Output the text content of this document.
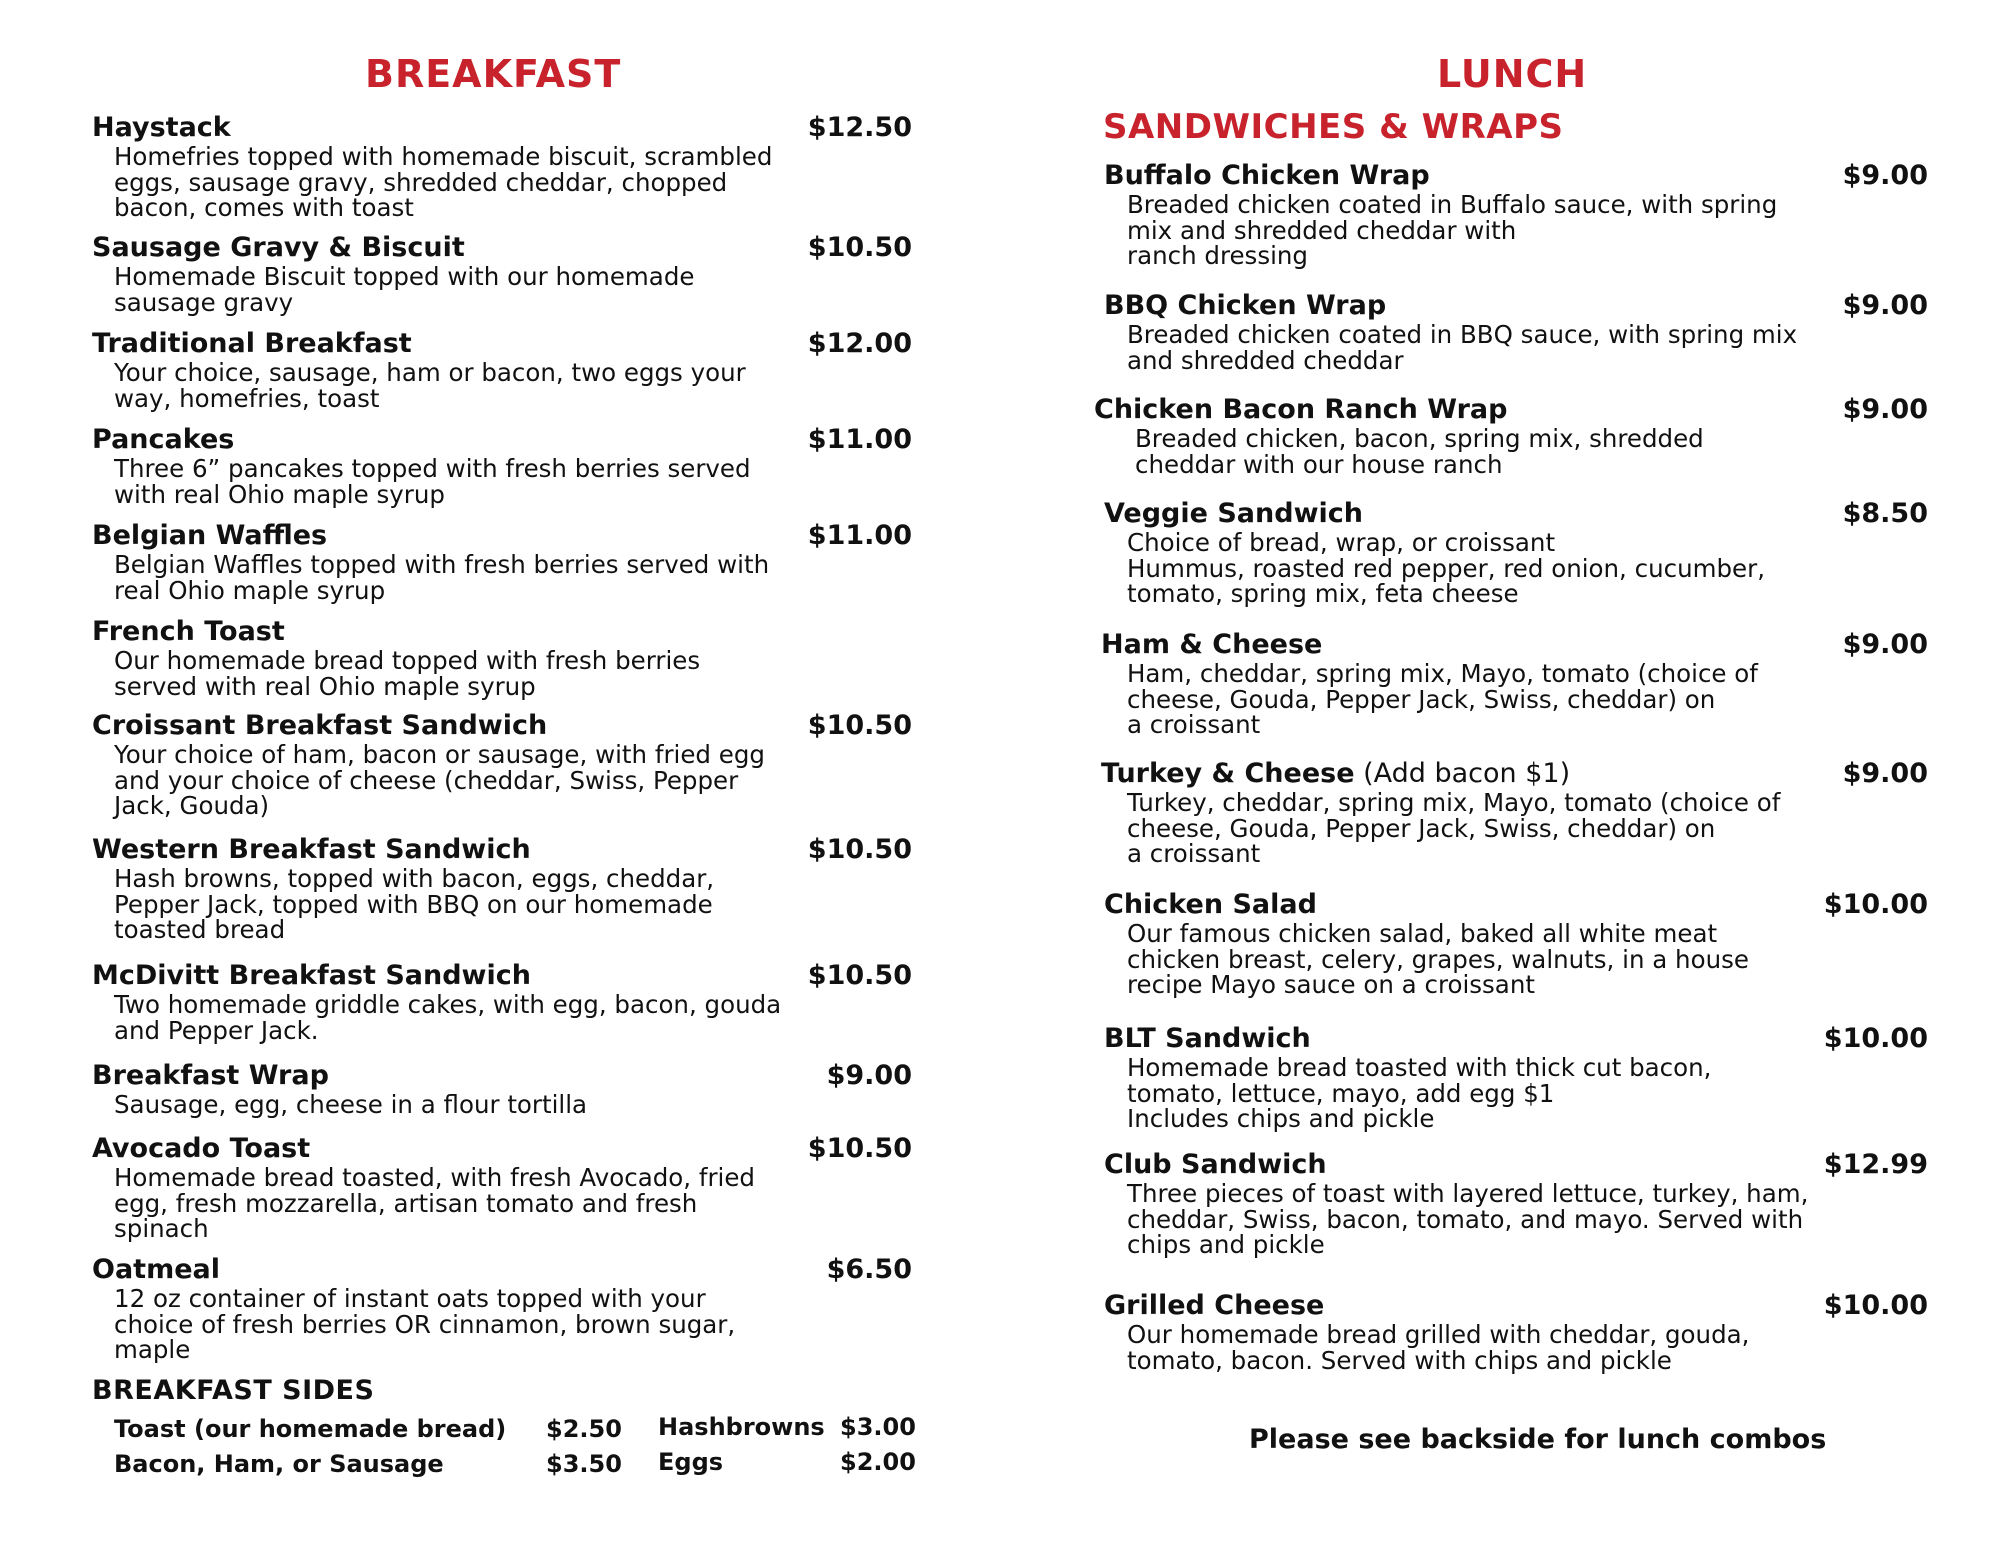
BREAKFAST
Haystack	$12.50
Homefries topped with homemade biscuit, scrambled
eggs, sausage gravy, shredded cheddar, chopped
bacon, comes with toast
Sausage Gravy & Biscuit	$10.50
Homemade Biscuit topped with our homemade
sausage gravy
Traditional Breakfast	$12.00
Your choice, sausage, ham or bacon, two eggs your
way, homefries, toast
Pancakes	$11.00
Three 6” pancakes topped with fresh berries served
with real Ohio maple syrup
Belgian Waffles	$11.00
Belgian Waffles topped with fresh berries served with
real Ohio maple syrup
French Toast
Our homemade bread topped with fresh berries
served with real Ohio maple syrup
Croissant Breakfast Sandwich	$10.50
Your choice of ham, bacon or sausage, with fried egg
and your choice of cheese (cheddar, Swiss, Pepper
Jack, Gouda)
Western Breakfast Sandwich	$10.50
Hash browns, topped with bacon, eggs, cheddar,
Pepper Jack, topped with BBQ on our homemade
toasted bread
McDivitt Breakfast Sandwich	$10.50
Two homemade griddle cakes, with egg, bacon, gouda
and Pepper Jack.
Breakfast Wrap	$9.00
Sausage, egg, cheese in a flour tortilla
Avocado Toast	$10.50
Homemade bread toasted, with fresh Avocado, fried
egg, fresh mozzarella, artisan tomato and fresh
spinach
Oatmeal	$6.50
12 oz container of instant oats topped with your
choice of fresh berries OR cinnamon, brown sugar,
maple
BREAKFAST SIDES
Toast (our homemade bread) $2.50
Bacon, Ham, or Sausage	$3.50
Hashbrowns $3.00
Eggs	$2.00
LUNCH
SANDWICHES & WRAPS
Buffalo Chicken Wrap	$9.00
Breaded chicken coated in Buffalo sauce, with spring
mix and shredded cheddar with
ranch dressing
BBQ Chicken Wrap	$9.00
Breaded chicken coated in BBQ sauce, with spring mix
and shredded cheddar
Chicken Bacon Ranch Wrap	$9.00
Breaded chicken, bacon, spring mix, shredded
cheddar with our house ranch
Veggie Sandwich	$8.50
Choice of bread, wrap, or croissant
Hummus, roasted red pepper, red onion, cucumber,
tomato, spring mix, feta cheese
Ham & Cheese	$9.00
Ham, cheddar, spring mix, Mayo, tomato (choice of
cheese, Gouda, Pepper Jack, Swiss, cheddar) on
a croissant
Turkey & Cheese (Add bacon $1)	$9.00
Turkey, cheddar, spring mix, Mayo, tomato (choice of
cheese, Gouda, Pepper Jack, Swiss, cheddar) on
a croissant
Chicken Salad	$10.00
Our famous chicken salad, baked all white meat
chicken breast, celery, grapes, walnuts, in a house
recipe Mayo sauce on a croissant
BLT Sandwich	$10.00
Homemade bread toasted with thick cut bacon,
tomato, lettuce, mayo, add egg $1
Includes chips and pickle
Club Sandwich	$12.99
Three pieces of toast with layered lettuce, turkey, ham,
cheddar, Swiss, bacon, tomato, and mayo. Served with
chips and pickle
Grilled Cheese	$10.00
Our homemade bread grilled with cheddar, gouda,
tomato, bacon. Served with chips and pickle
Please see backside for lunch combos
